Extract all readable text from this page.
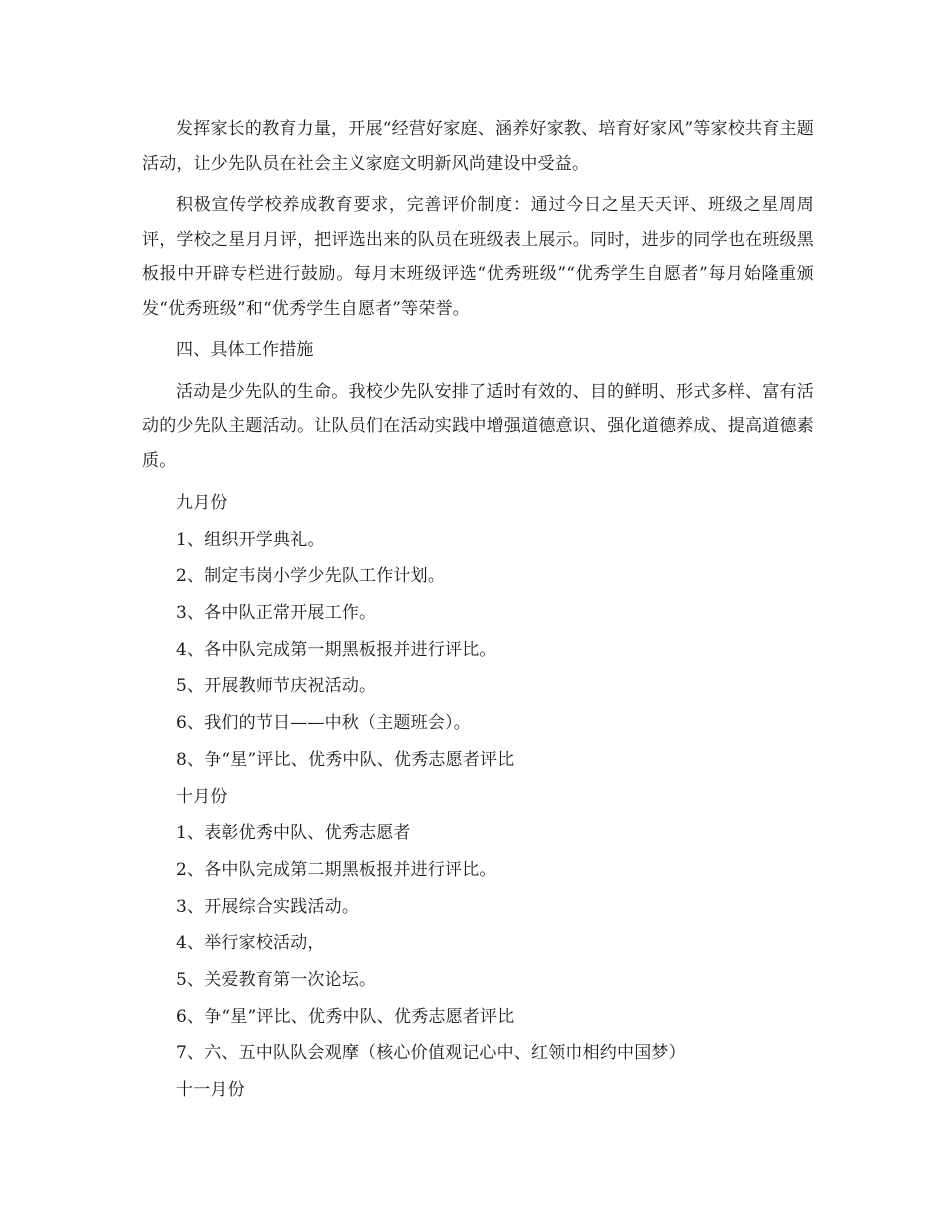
发挥家长的教育力量，开展“经营好家庭、涵养好家教、培育好家风”等家校共育主题活动，让少先队员在社会主义家庭文明新风尚建设中受益。

积极宣传学校养成教育要求，完善评价制度：通过今日之星天天评、班级之星周周评，学校之星月月评，把评选出来的队员在班级表上展示。同时，进步的同学也在班级黑板报中开辟专栏进行鼓励。每月末班级评选“优秀班级”“优秀学生自愿者”每月始隆重颁发“优秀班级”和“优秀学生自愿者”等荣誉。

四、具体工作措施

活动是少先队的生命。我校少先队安排了适时有效的、目的鲜明、形式多样、富有活动的少先队主题活动。让队员们在活动实践中增强道德意识、强化道德养成、提高道德素质。

九月份
1、组织开学典礼。
2、制定韦岗小学少先队工作计划。
3、各中队正常开展工作。
4、各中队完成第一期黑板报并进行评比。
5、开展教师节庆祝活动。
6、我们的节日——中秋（主题班会）。
8、争“星”评比、优秀中队、优秀志愿者评比
十月份
1、表彰优秀中队、优秀志愿者
2、各中队完成第二期黑板报并进行评比。
3、开展综合实践活动。
4、举行家校活动，
5、关爱教育第一次论坛。
6、争“星”评比、优秀中队、优秀志愿者评比
7、六、五中队队会观摩（核心价值观记心中、红领巾相约中国梦）
十一月份
